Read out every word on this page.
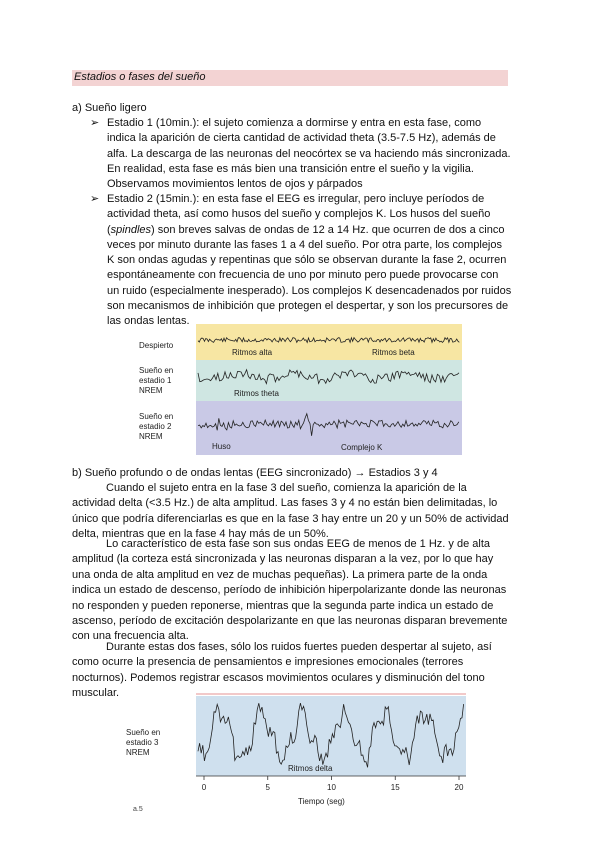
Estadios o fases del sueño
a) Sueño ligero
➢ Estadio 1 (10min.): el sujeto comienza a dormirse y entra en esta fase, como indica la aparición de cierta cantidad de actividad theta (3.5-7.5 Hz), además de alfa. La descarga de las neuronas del neocórtex se va haciendo más sincronizada. En realidad, esta fase es más bien una transición entre el sueño y la vigilia. Observamos movimientos lentos de ojos y párpados
➢ Estadio 2 (15min.): en esta fase el EEG es irregular, pero incluye períodos de actividad theta, así como husos del sueño y complejos K. Los husos del sueño (spindles) son breves salvas de ondas de 12 a 14 Hz. que ocurren de dos a cinco veces por minuto durante las fases 1 a 4 del sueño. Por otra parte, los complejos K son ondas agudas y repentinas que sólo se observan durante la fase 2, ocurren espontáneamente con frecuencia de uno por minuto pero puede provocarse con un ruido (especialmente inesperado). Los complejos K desencadenados por ruidos son mecanismos de inhibición que protegen el despertar, y son los precursores de las ondas lentas.
Despierto
Sueño en
estadio 1
NREM
Sueño en
estadio 2
NREM
Ritmos alta	Ritmos beta
Ritmos theta
Huso	Complejo K
b) Sueño profundo o de ondas lentas (EEG sincronizado) → Estadios 3 y 4
Cuando el sujeto entra en la fase 3 del sueño, comienza la aparición de la actividad delta (<3.5 Hz.) de alta amplitud. Las fases 3 y 4 no están bien delimitadas, lo único que podría diferenciarlas es que en la fase 3 hay entre un 20 y un 50% de actividad delta, mientras que en la fase 4 hay más de un 50%.
Lo característico de esta fase son sus ondas EEG de menos de 1 Hz. y de alta amplitud (la corteza está sincronizada y las neuronas disparan a la vez, por lo que hay una onda de alta amplitud en vez de muchas pequeñas). La primera parte de la onda indica un estado de descenso, período de inhibición hiperpolarizante donde las neuronas no responden y pueden reponerse, mientras que la segunda parte indica un estado de ascenso, período de excitación despolarizante en que las neuronas disparan brevemente con una frecuencia alta.
Durante estas dos fases, sólo los ruidos fuertes pueden despertar al sujeto, así como ocurre la presencia de pensamientos e impresiones emocionales (terrores nocturnos). Podemos registrar escasos movimientos oculares y disminución del tono muscular.
Sueño en
estadio 3
NREM
Ritmos delta
0	5	10	15	20
Tiempo (seg)
a.5
